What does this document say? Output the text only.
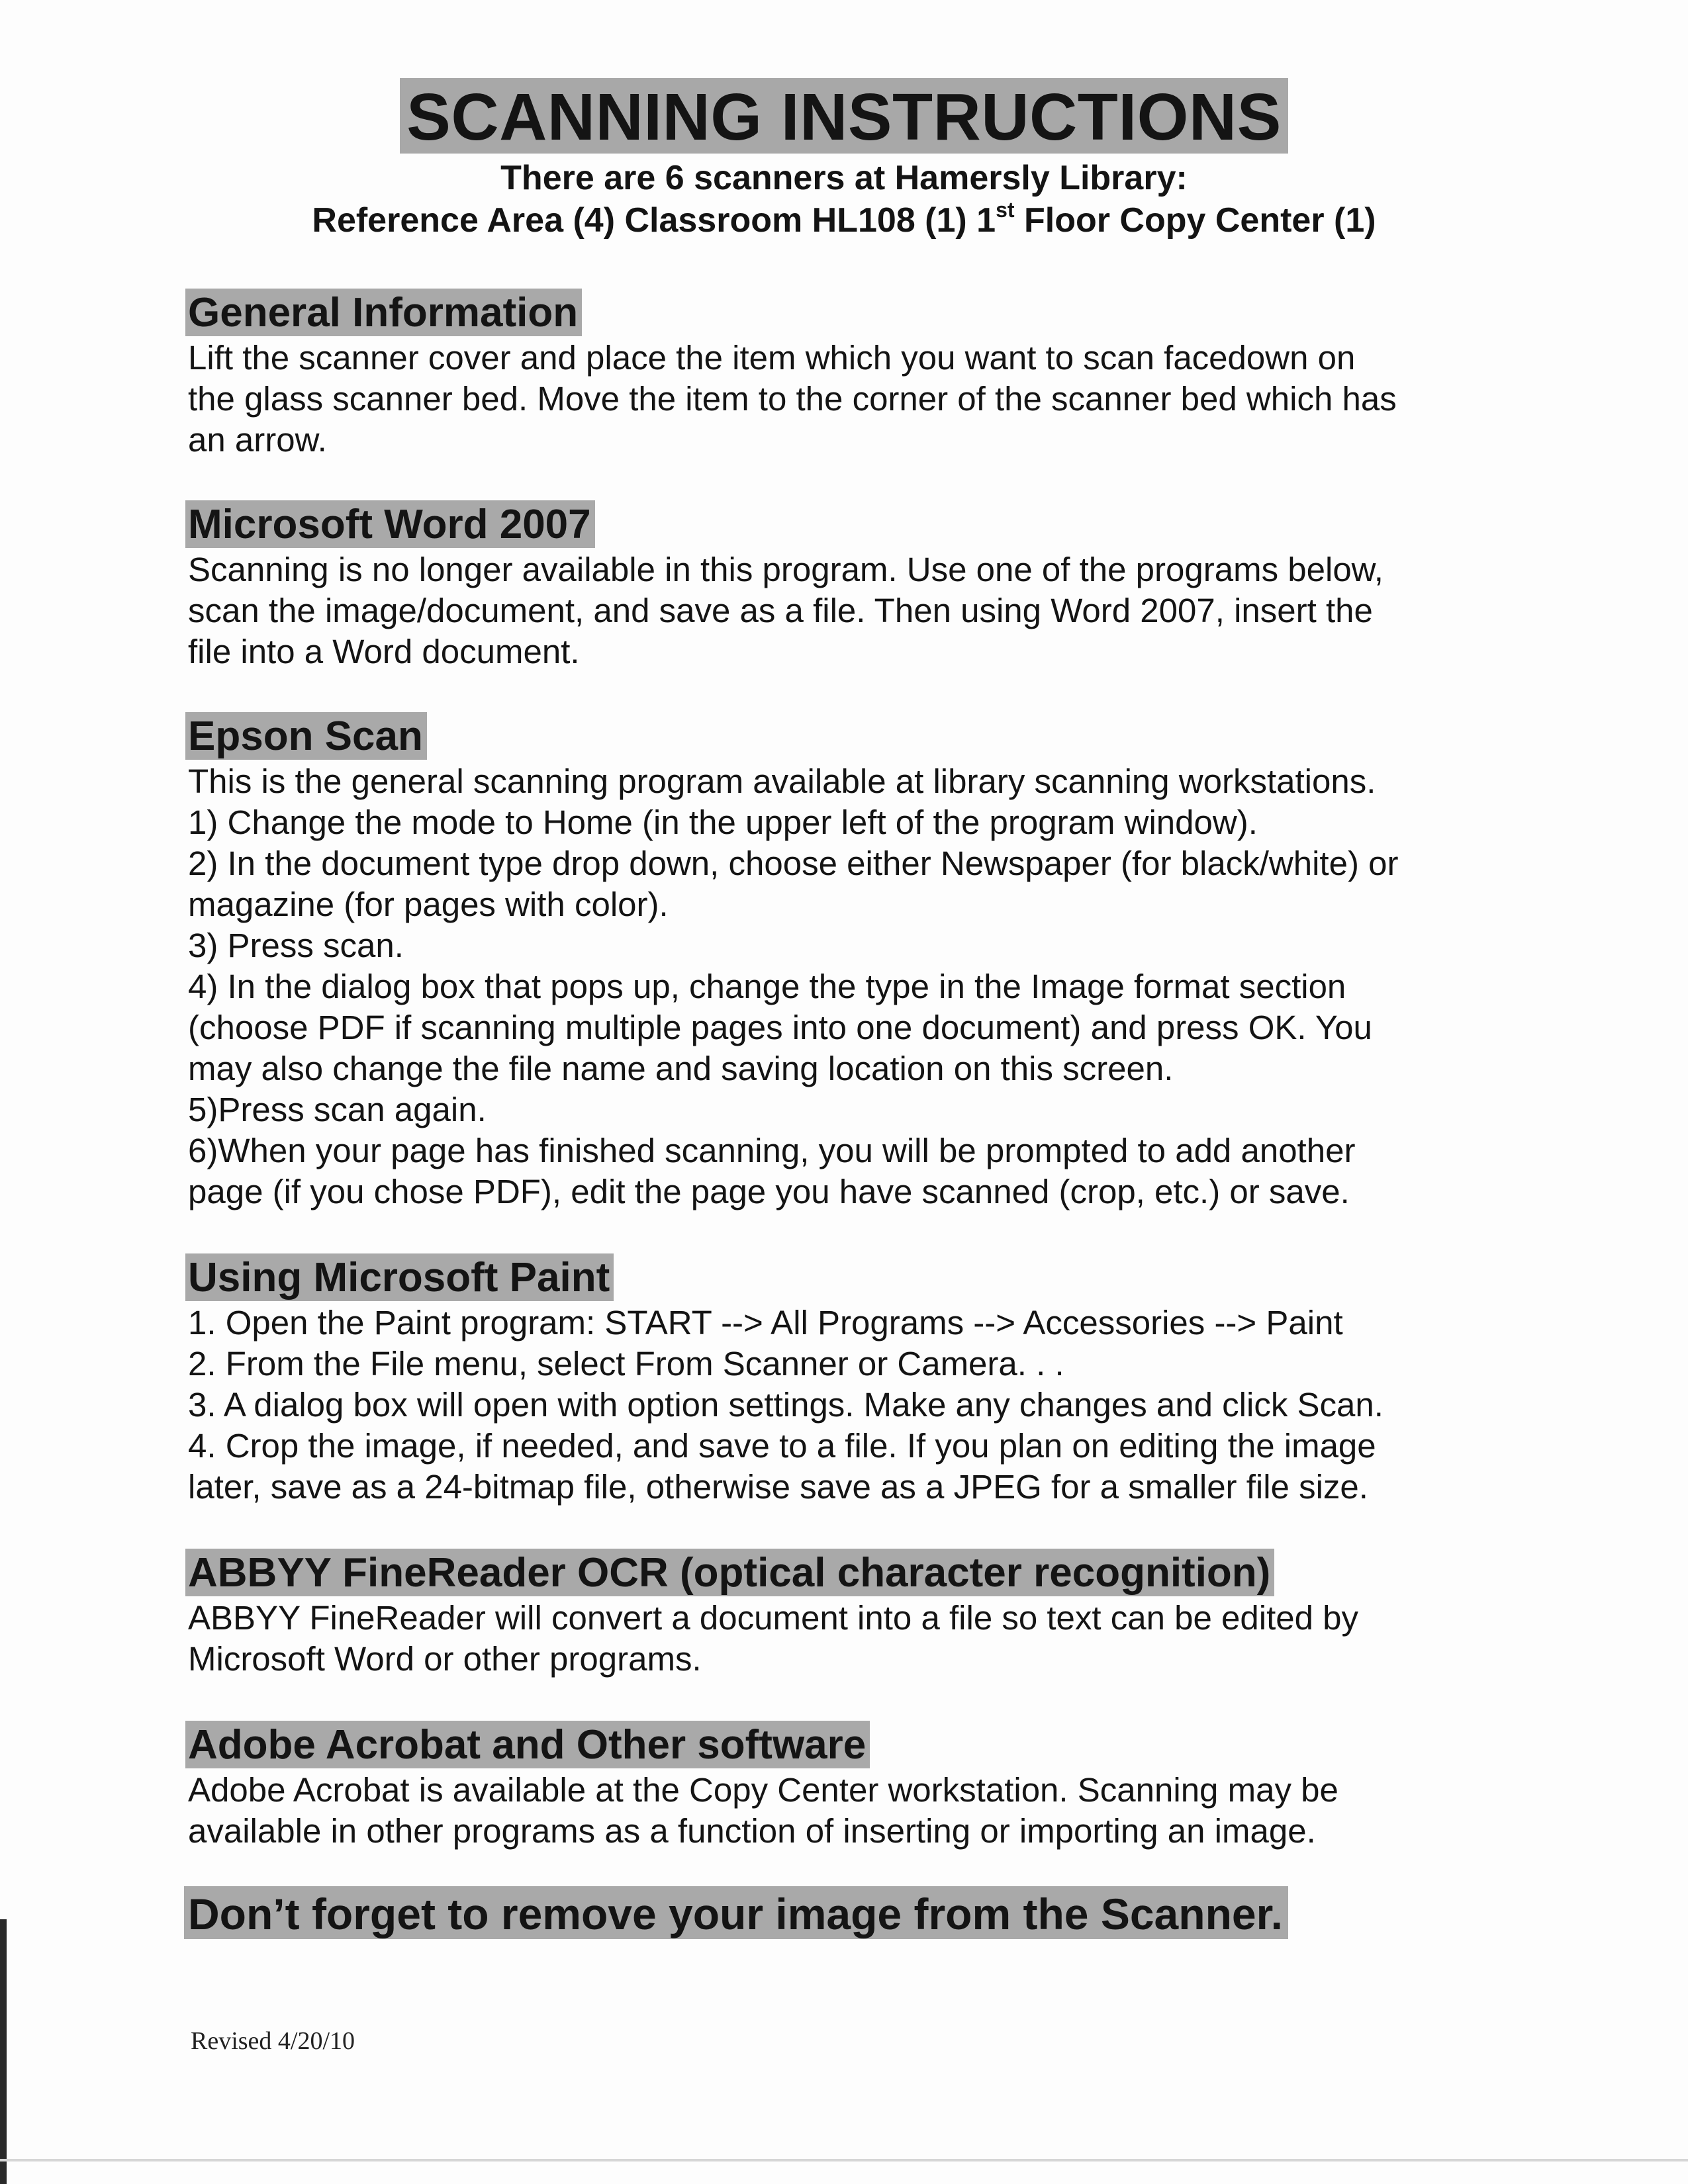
SCANNING INSTRUCTIONS
There are 6 scanners at Hamersly Library:
Reference Area (4) Classroom HL108 (1) 1st Floor Copy Center (1)
General Information

Lift the scanner cover and place the item which you want to scan facedown on

the glass scanner bed. Move the item to the corner of the scanner bed which has

an arrow.

Microsoft Word 2007

Scanning is no longer available in this program. Use one of the programs below,

scan the image/document, and save as a file. Then using Word 2007, insert the

file into a Word document.

Epson Scan

This is the general scanning program available at library scanning workstations.

1) Change the mode to Home (in the upper left of the program window).

2) In the document type drop down, choose either Newspaper (for black/white) or

magazine (for pages with color).

3) Press scan.

4) In the dialog box that pops up, change the type in the Image format section

(choose PDF if scanning multiple pages into one document) and press OK. You

may also change the file name and saving location on this screen.

5)Press scan again.

6)When your page has finished scanning, you will be prompted to add another

page (if you chose PDF), edit the page you have scanned (crop, etc.) or save.

Using Microsoft Paint

1. Open the Paint program: START --> All Programs --> Accessories --> Paint

2. From the File menu, select From Scanner or Camera. . .

3. A dialog box will open with option settings. Make any changes and click Scan.

4. Crop the image, if needed, and save to a file. If you plan on editing the image

later, save as a 24-bitmap file, otherwise save as a JPEG for a smaller file size.

ABBYY FineReader OCR (optical character recognition)

ABBYY FineReader will convert a document into a file so text can be edited by

Microsoft Word or other programs.

Adobe Acrobat and Other software

Adobe Acrobat is available at the Copy Center workstation. Scanning may be

available in other programs as a function of inserting or importing an image.

Don’t forget to remove your image from the Scanner.
Revised 4/20/10
